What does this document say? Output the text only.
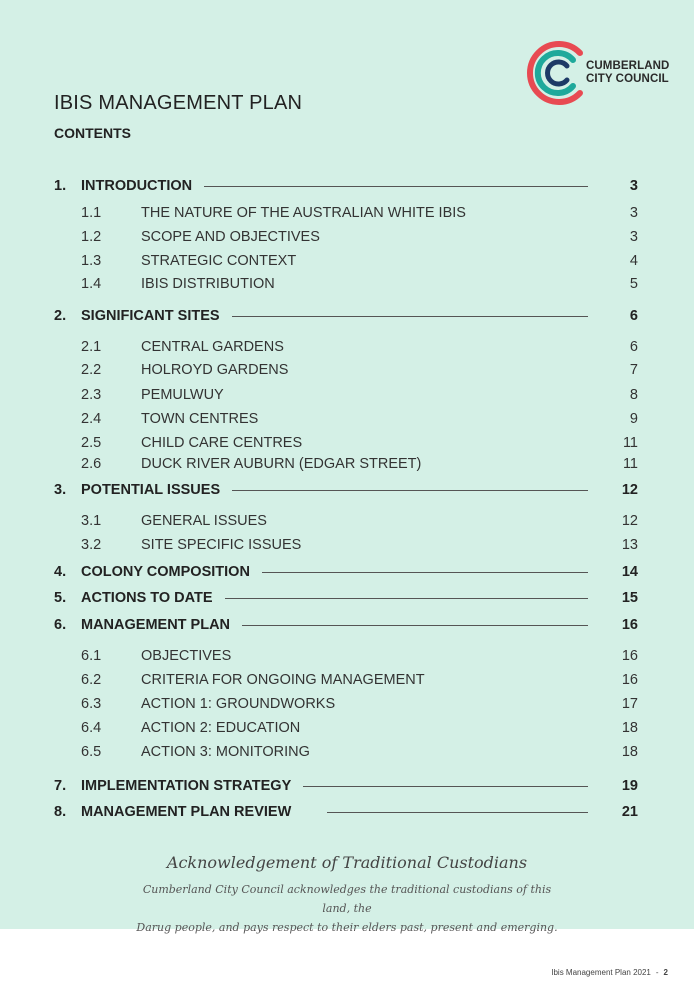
CUMBERLAND
CITY COUNCIL
IBIS MANAGEMENT PLAN
CONTENTS
1.	INTRODUCTION	3
1.1	THE NATURE OF THE AUSTRALIAN WHITE IBIS	3
1.2	SCOPE AND OBJECTIVES	3
1.3	STRATEGIC CONTEXT	4
1.4	IBIS DISTRIBUTION	5
2.	SIGNIFICANT SITES	6
2.1	CENTRAL GARDENS	6
2.2	HOLROYD GARDENS	7
2.3	PEMULWUY	8
2.4	TOWN CENTRES	9
2.5	CHILD CARE CENTRES	11
2.6	DUCK RIVER AUBURN (EDGAR STREET)	11
3.	POTENTIAL ISSUES	12
3.1	GENERAL ISSUES	12
3.2	SITE SPECIFIC ISSUES	13
4.	COLONY COMPOSITION	14
5.	ACTIONS TO DATE	15
6.	MANAGEMENT PLAN	16
6.1	OBJECTIVES	16
6.2	CRITERIA FOR ONGOING MANAGEMENT	16
6.3	ACTION 1: GROUNDWORKS	17
6.4	ACTION 2: EDUCATION	18
6.5	ACTION 3: MONITORING	18
7.	IMPLEMENTATION STRATEGY	19
8.	MANAGEMENT PLAN REVIEW	21
Acknowledgement of Traditional Custodians
Cumberland City Council acknowledges the traditional custodians of this land, the
Darug people, and pays respect to their elders past, present and emerging.
Ibis Management Plan 2021 - 2
